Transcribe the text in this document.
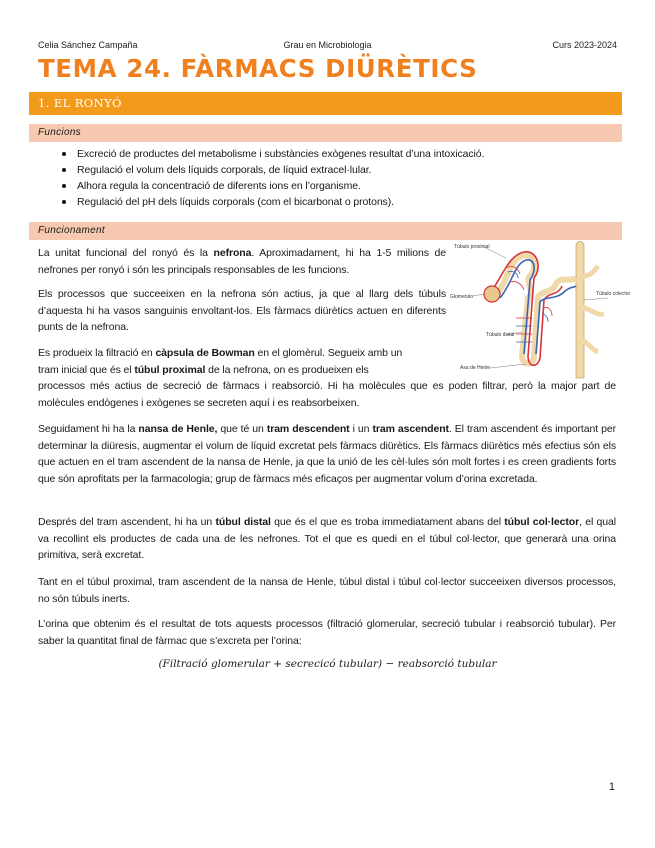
Celia Sánchez Campaña	Grau en Microbiologia	Curs 2023-2024
TEMA 24. FÀRMACS DIÜRÈTICS
1. EL RONYÓ
Funcions
Excreció de productes del metabolisme i substàncies exògenes resultat d’una intoxicació.
Regulació el volum dels líquids corporals, de líquid extracel·lular.
Alhora regula la concentració de diferents ions en l’organisme.
Regulació del pH dels líquids corporals (com el bicarbonat o protons).
Funcionament

La unitat funcional del ronyó és la nefrona. Aproximadament, hi ha 1-5 milions de nefrones per ronyó i són les principals responsables de les funcions.

Els processos que succeeixen en la nefrona són actius, ja que al llarg dels túbuls d’aquesta hi ha vasos sanguinis envoltant-los. Els fàrmacs diürètics actuen en diferents punts de la nefrona.

Es produeix la filtració en càpsula de Bowman en el glomèrul. Segueix amb un

tram inicial que és el túbul proximal de la nefrona, on es produeixen els

processos més actius de secreció de fàrmacs i reabsorció. Hi ha molècules que es poden filtrar, però la major part de molècules endògenes i exògenes se secreten aquí i es reabsorbeixen.

Seguidament hi ha la nansa de Henle, que té un tram descendent i un tram ascendent. El tram ascendent és important per determinar la diüresis, augmentar el volum de líquid excretat pels fàrmacs diürètics. Els fàrmacs diürètics més efectius són els que actuen en el tram ascendent de la nansa de Henle, ja que la unió de les cèl·lules són molt fortes i es creen gradients forts que són aprofitats per la farmacologia; grup de fàrmacs més eficaços per augmentar volum d’orina excretada.

Després del tram ascendent, hi ha un túbul distal que és el que es troba immediatament abans del túbul col·lector, el qual va recollint els productes de cada una de les nefrones. Tot el que es quedi en el túbul col·lector, que generarà una orina primitiva, serà excretat.

Tant en el túbul proximal, tram ascendent de la nansa de Henle, túbul distal i túbul col·lector succeeixen diversos processos, no són túbuls inerts.

L’orina que obtenim és el resultat de tots aquests processos (filtració glomerular, secreció tubular i reabsorció tubular). Per saber la quantitat final de fàrmac que s’excreta per l’orina:

(Filtració glomerular + secrecicó tubular) − reabsorció tubular
Túbulo proximal
Glomerulo	Túbulo colector
Túbulo distal
Asa de Henle
1
